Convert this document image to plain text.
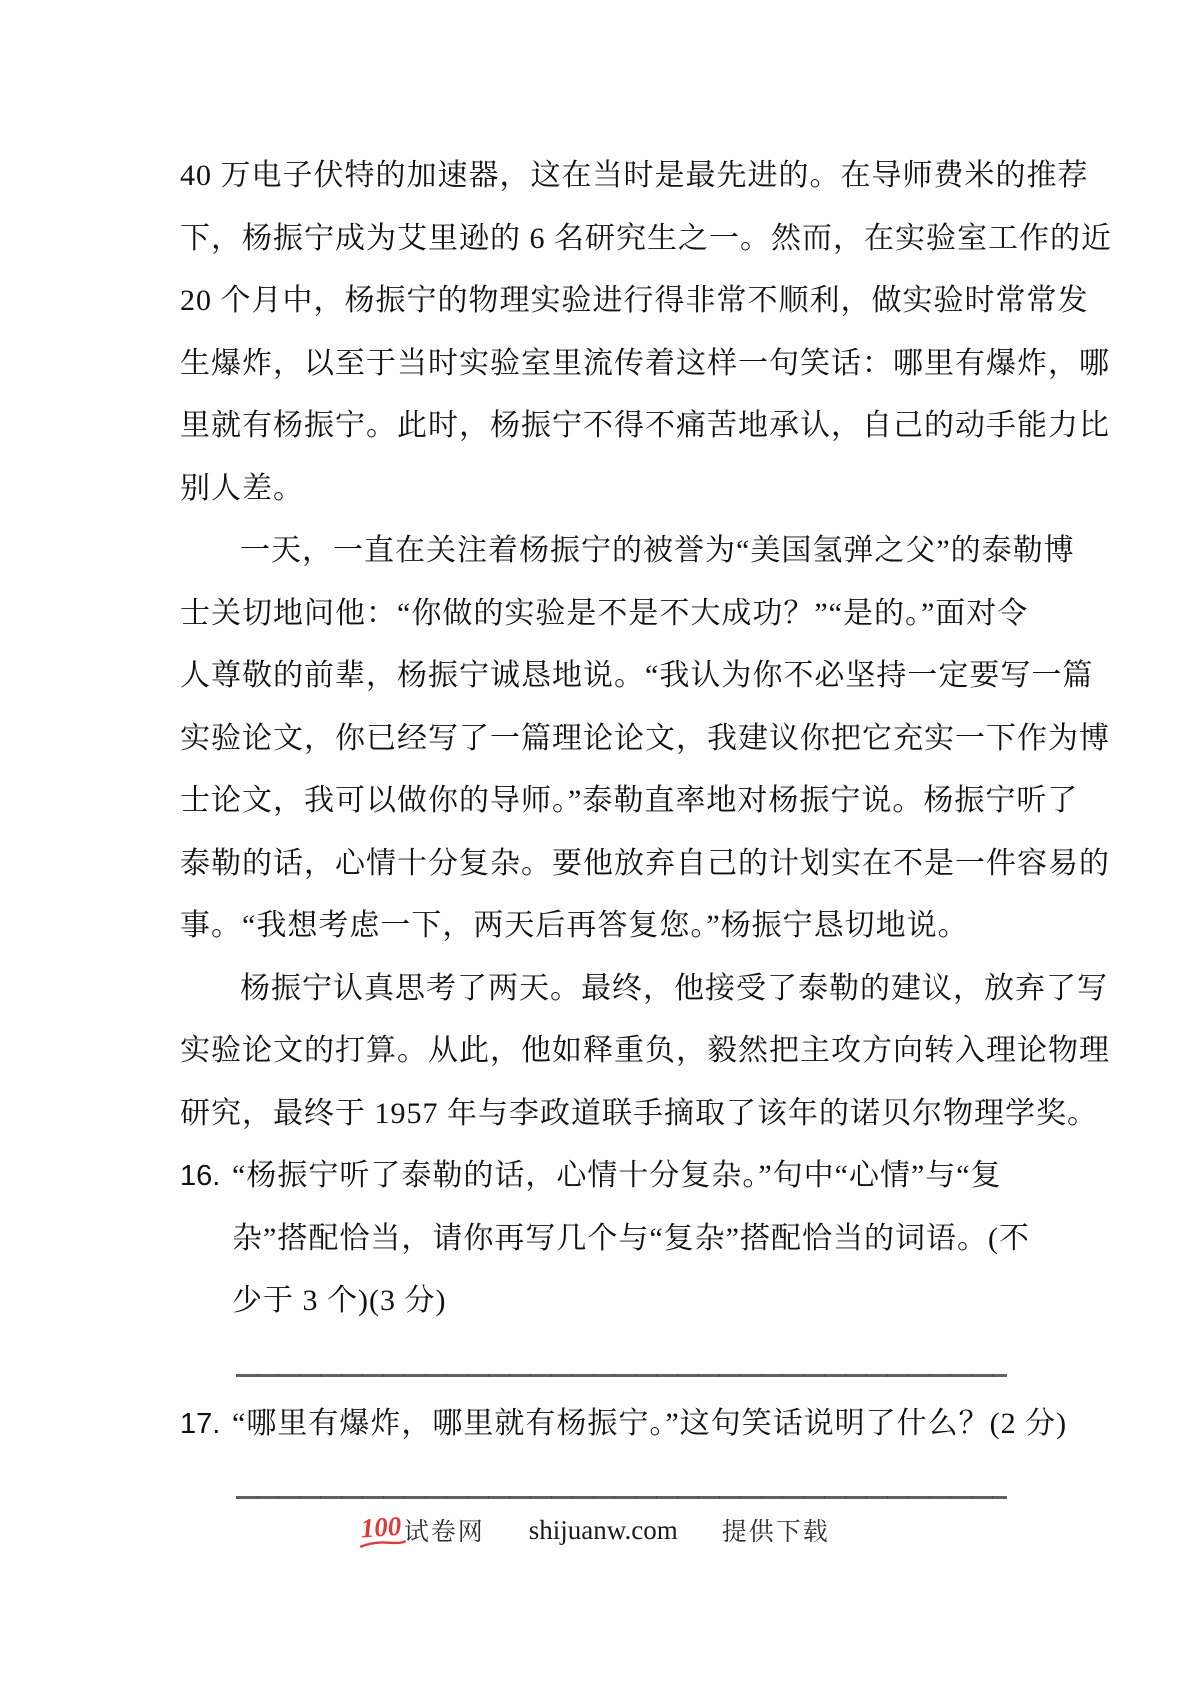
40 万电子伏特的加速器，这在当时是最先进的。在导师费米的推荐
下，杨振宁成为艾里逊的 6 名研究生之一。然而，在实验室工作的近
20 个月中，杨振宁的物理实验进行得非常不顺利，做实验时常常发
生爆炸，以至于当时实验室里流传着这样一句笑话：哪里有爆炸，哪
里就有杨振宁。此时，杨振宁不得不痛苦地承认，自己的动手能力比
别人差。
一天，一直在关注着杨振宁的被誉为“美国氢弹之父”的泰勒博
士关切地问他：“你做的实验是不是不大成功？”“是的。”面对令
人尊敬的前辈，杨振宁诚恳地说。“我认为你不必坚持一定要写一篇
实验论文，你已经写了一篇理论论文，我建议你把它充实一下作为博
士论文，我可以做你的导师。”泰勒直率地对杨振宁说。杨振宁听了
泰勒的话，心情十分复杂。要他放弃自己的计划实在不是一件容易的
事。“我想考虑一下，两天后再答复您。”杨振宁恳切地说。
杨振宁认真思考了两天。最终，他接受了泰勒的建议，放弃了写
实验论文的打算。从此，他如释重负，毅然把主攻方向转入理论物理
研究，最终于 1957 年与李政道联手摘取了该年的诺贝尔物理学奖。
16. “杨振宁听了泰勒的话，心情十分复杂。”句中“心情”与“复
杂”搭配恰当，请你再写几个与“复杂”搭配恰当的词语。(不
少于 3 个)(3 分)
17. “哪里有爆炸，哪里就有杨振宁。”这句笑话说明了什么？(2 分)
100 试卷网 shijuanw.com 提供下载
